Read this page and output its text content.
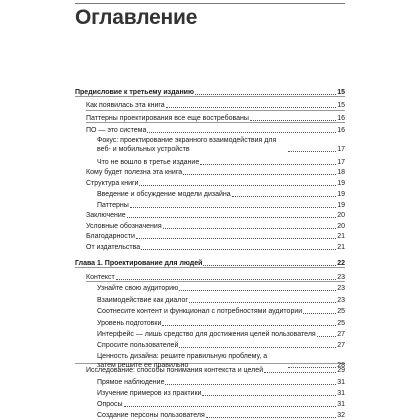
Оглавление
Предисловие к третьему изданию	15
Как появилась эта книга	15
Паттерны проектирования все еще востребованы	16
ПО — это система	16
Фокус: проектирование экранного взаимодействия для веб- и мобильных устройств	17
Что не вошло в третье издание	17
Кому будет полезна эта книга	18
Структура книги	19
Введение и обсуждение модели дизайна	19
Паттерны	19
Заключение	20
Условные обозначения	20
Благодарности	21
От издательства	21
Глава 1. Проектирование для людей	22
Контекст	23
Узнайте свою аудиторию	23
Взаимодействие как диалог	23
Соотнесите контент и функционал с потребностями аудитории	25
Уровень подготовки	25
Интерфейс — лишь средство для достижения целей пользователя	27
Спросите пользователей	27
Ценность дизайна: решите правильную проблему, а затем решите ее правильно	28
Исследование: способы понимания контекста и целей	29
Прямое наблюдение	31
Изучение примеров из практики	31
Опросы	31
Создание персоны пользователя	32
